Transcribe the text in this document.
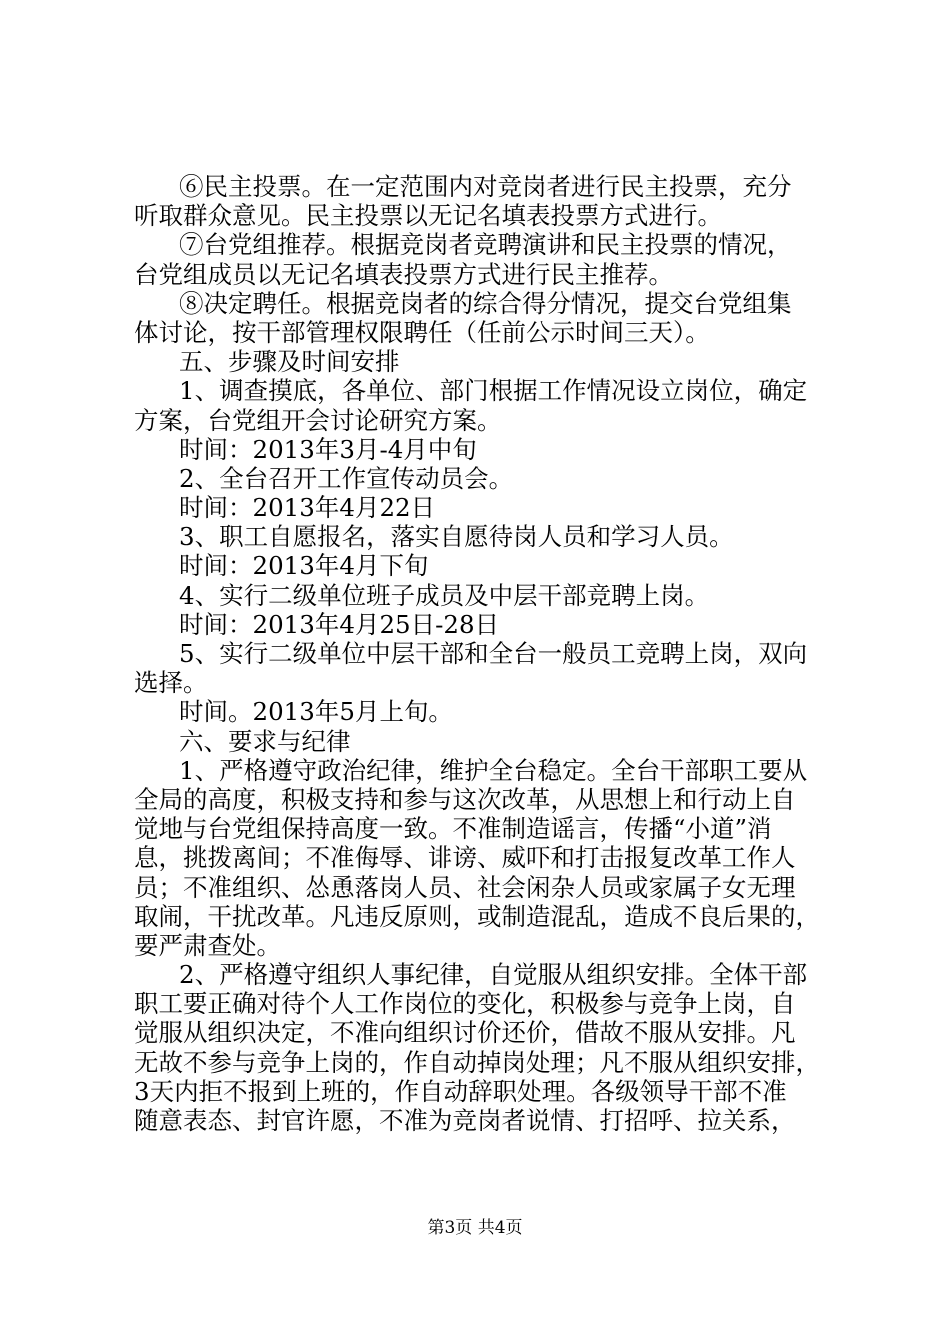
⑥民主投票。在一定范围内对竞岗者进行民主投票，充分
听取群众意见。民主投票以无记名填表投票方式进行。
⑦台党组推荐。根据竞岗者竞聘演讲和民主投票的情况，
台党组成员以无记名填表投票方式进行民主推荐。
⑧决定聘任。根据竞岗者的综合得分情况，提交台党组集
体讨论，按干部管理权限聘任（任前公示时间三天）。
五、步骤及时间安排
1、调查摸底，各单位、部门根据工作情况设立岗位，确定
方案，台党组开会讨论研究方案。
时间：2013年3月-4月中旬
2、全台召开工作宣传动员会。
时间：2013年4月22日
3、职工自愿报名，落实自愿待岗人员和学习人员。
时间：2013年4月下旬
4、实行二级单位班子成员及中层干部竞聘上岗。
时间：2013年4月25日-28日
5、实行二级单位中层干部和全台一般员工竞聘上岗，双向
选择。
时间。2013年5月上旬。
六、要求与纪律
1、严格遵守政治纪律，维护全台稳定。全台干部职工要从
全局的高度，积极支持和参与这次改革，从思想上和行动上自
觉地与台党组保持高度一致。不准制造谣言，传播“小道”消
息，挑拨离间；不准侮辱、诽谤、威吓和打击报复改革工作人
员；不准组织、怂恿落岗人员、社会闲杂人员或家属子女无理
取闹，干扰改革。凡违反原则，或制造混乱，造成不良后果的，
要严肃查处。
2、严格遵守组织人事纪律，自觉服从组织安排。全体干部
职工要正确对待个人工作岗位的变化，积极参与竞争上岗，自
觉服从组织决定，不准向组织讨价还价，借故不服从安排。凡
无故不参与竞争上岗的，作自动掉岗处理；凡不服从组织安排，
3天内拒不报到上班的，作自动辞职处理。各级领导干部不准
随意表态、封官许愿，不准为竞岗者说情、打招呼、拉关系，
第3页 共4页
